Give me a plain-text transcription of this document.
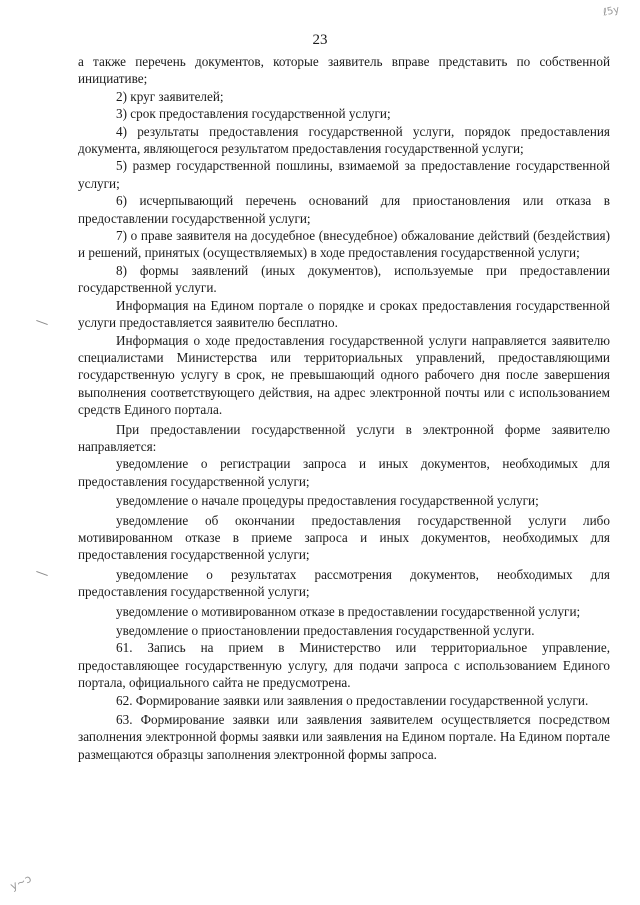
ℓ5y
23

а также перечень документов, которые заявитель вправе представить по собственной инициативе;

2) круг заявителей;

3) срок предоставления государственной услуги;

4) результаты предоставления государственной услуги, порядок предоставления документа, являющегося результатом предоставления государственной услуги;

5) размер государственной пошлины, взимаемой за предоставление государственной услуги;

6) исчерпывающий перечень оснований для приостановления или отказа в предоставлении государственной услуги;

7) о праве заявителя на досудебное (внесудебное) обжалование действий (бездействия) и решений, принятых (осуществляемых) в ходе предоставления государственной услуги;

8) формы заявлений (иных документов), используемые при предоставлении государственной услуги.

Информация на Едином портале о порядке и сроках предоставления государственной услуги предоставляется заявителю бесплатно.

Информация о ходе предоставления государственной услуги направляется заявителю специалистами Министерства или территориальных управлений, предоставляющими государственную услугу в срок, не превышающий одного рабочего дня после завершения выполнения соответствующего действия, на адрес электронной почты или с использованием средств Единого портала.

При предоставлении государственной услуги в электронной форме заявителю направляется:

уведомление о регистрации запроса и иных документов, необходимых для предоставления государственной услуги;

уведомление о начале процедуры предоставления государственной услуги;

уведомление об окончании предоставления государственной услуги либо мотивированном отказе в приеме запроса и иных документов, необходимых для предоставления государственной услуги;

уведомление о результатах рассмотрения документов, необходимых для предоставления государственной услуги;

уведомление о мотивированном отказе в предоставлении государственной услуги;

уведомление о приостановлении предоставления государственной услуги.

61. Запись на прием в Министерство или территориальное управление, предоставляющее государственную услугу, для подачи запроса с использованием Единого портала, официального сайта не предусмотрена.

62. Формирование заявки или заявления о предоставлении государственной услуги.

63. Формирование заявки или заявления заявителем осуществляется посредством заполнения электронной формы заявки или заявления на Едином портале. На Едином портале размещаются образцы заполнения электронной формы запроса.

у~ɔ
